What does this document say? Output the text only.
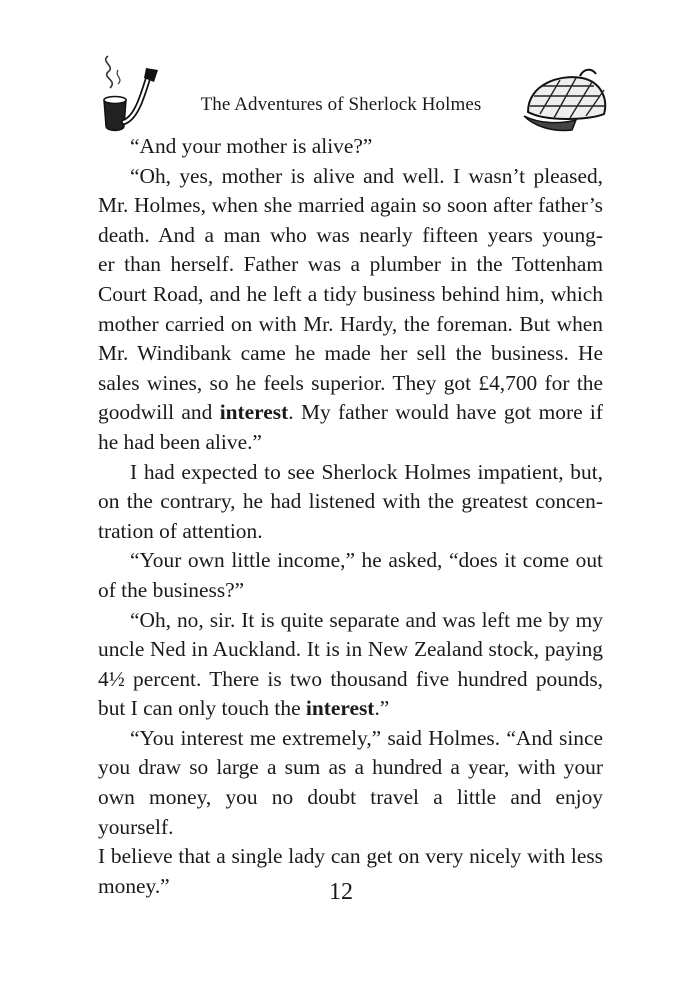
The Adventures of Sherlock Holmes

“And your mother is alive?”

“Oh, yes, mother is alive and well. I wasn’t pleased,
Mr. Holmes, when she married again so soon after father’s
death. And a man who was nearly fifteen years young-
er than herself. Father was a plumber in the Tottenham
Court Road, and he left a tidy business behind him, which
mother carried on with Mr. Hardy, the foreman. But when
Mr. Windibank came he made her sell the business. He
sales wines, so he feels superior. They got £4,700 for the
goodwill and interest. My father would have got more if
he had been alive.”

I had expected to see Sherlock Holmes impatient, but,
on the contrary, he had listened with the greatest concen-
tration of attention.

“Your own little income,” he asked, “does it come out
of the business?”

“Oh, no, sir. It is quite separate and was left me by my
uncle Ned in Auckland. It is in New Zealand stock, paying
4½ percent. There is two thousand five hundred pounds,
but I can only touch the interest.”

“You interest me extremely,” said Holmes. “And since
you draw so large a sum as a hundred a year, with your
own money, you no doubt travel a little and enjoy yourself.
I believe that a single lady can get on very nicely with less
money.”	12
